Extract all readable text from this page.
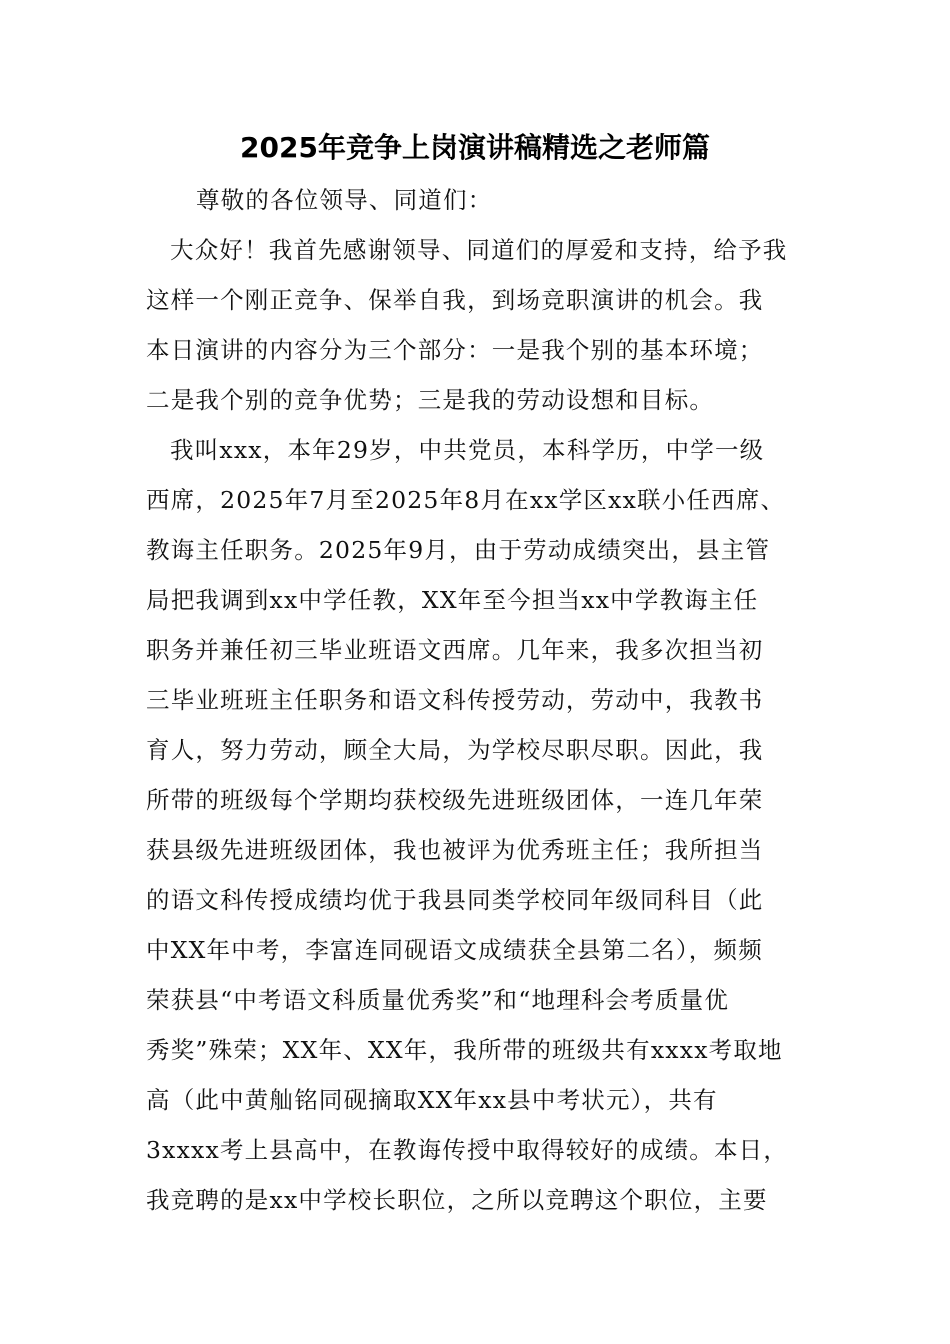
2025年竞争上岗演讲稿精选之老师篇
尊敬的各位领导、同道们：
大众好！我首先感谢领导、同道们的厚爱和支持，给予我
这样一个刚正竞争、保举自我，到场竞职演讲的机会。我
本日演讲的内容分为三个部分：一是我个别的基本环境；
二是我个别的竞争优势；三是我的劳动设想和目标。
我叫xxx，本年29岁，中共党员，本科学历，中学一级
西席，2025年7月至2025年8月在xx学区xx联小任西席、
教诲主任职务。2025年9月，由于劳动成绩突出，县主管
局把我调到xx中学任教，XX年至今担当xx中学教诲主任
职务并兼任初三毕业班语文西席。几年来，我多次担当初
三毕业班班主任职务和语文科传授劳动，劳动中，我教书
育人，努力劳动，顾全大局，为学校尽职尽职。因此，我
所带的班级每个学期均获校级先进班级团体，一连几年荣
获县级先进班级团体，我也被评为优秀班主任；我所担当
的语文科传授成绩均优于我县同类学校同年级同科目（此
中XX年中考，李富连同砚语文成绩获全县第二名），频频
荣获县“中考语文科质量优秀奖”和“地理科会考质量优
秀奖”殊荣；XX年、XX年，我所带的班级共有xxxx考取地
高（此中黄舢铭同砚摘取XX年xx县中考状元），共有
3xxxx考上县高中，在教诲传授中取得较好的成绩。本日，
我竞聘的是xx中学校长职位，之所以竞聘这个职位，主要
